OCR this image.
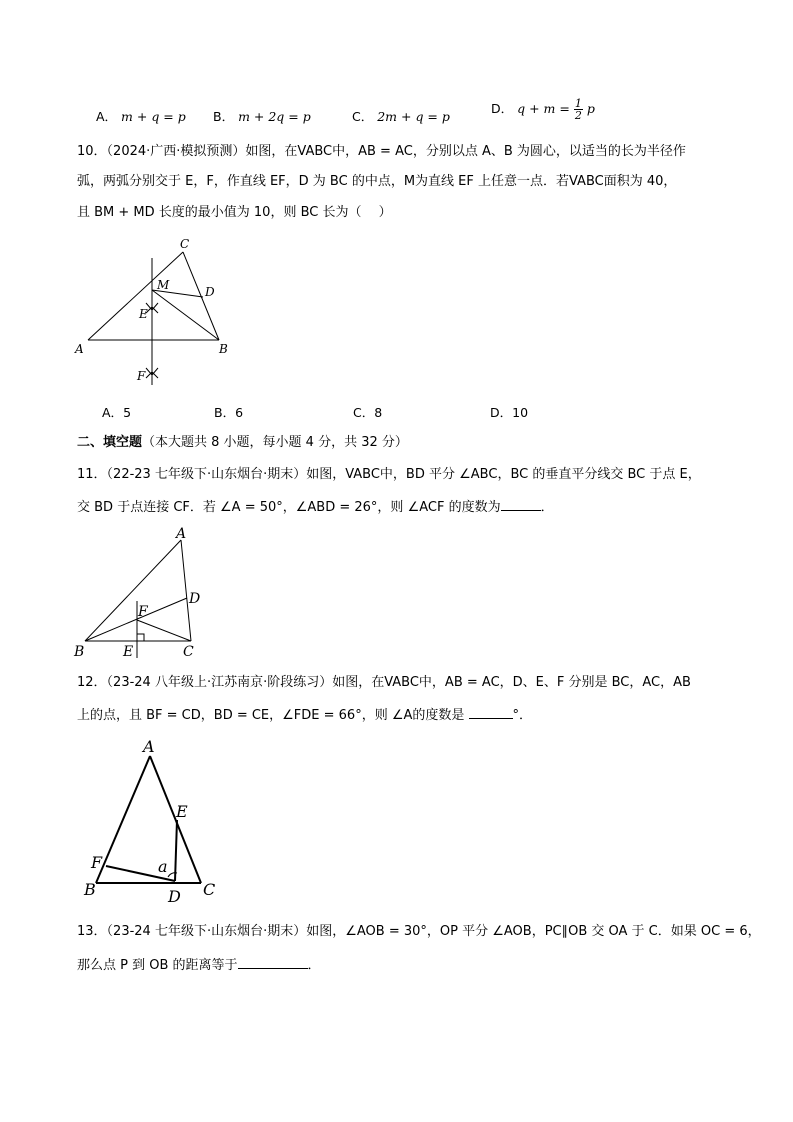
A． m + q = p B． m + 2q = p	C． 2m + q = p
D． $q + m = \frac{1}{2}$ p
10．（2024·广西·模拟预测）如图，在VABC中，AB = AC，分别以点 A、B 为圆心，以适当的长为半径作
弧，两弧分别交于 E，F，作直线 EF，D 为 BC 的中点，M为直线 EF 上任意一点．若VABC面积为 40，
且 BM + MD 长度的最小值为 10，则 BC 长为（　 ）
A	B
C
D
M
E
F
A．5	B．6	C．8	D．10
二、填空题（本大题共 8 小题，每小题 4 分，共 32 分）
11．（22-23 七年级下·山东烟台·期末）如图，VABC中，BD 平分 ∠ABC，BC 的垂直平分线交 BC 于点 E，
交 BD 于点连接 CF．若 ∠A = 50°，∠ABD = 26°，则 ∠ACF 的度数为	．
A
B	C
D
E
F
12．（23-24 八年级上·江苏南京·阶段练习）如图，在VABC中，AB = AC，D、E、F 分别是 BC，AC，AB
上的点，且 BF = CD，BD = CE，∠FDE = 66°，则 ∠A的度数是	°．
A
B	C
D
E
F	a
13．（23-24 七年级下·山东烟台·期末）如图，∠AOB = 30°，OP 平分 ∠AOB，PC∥OB 交 OA 于 C．如果 OC = 6，
那么点 P 到 OB 的距离等于	．
